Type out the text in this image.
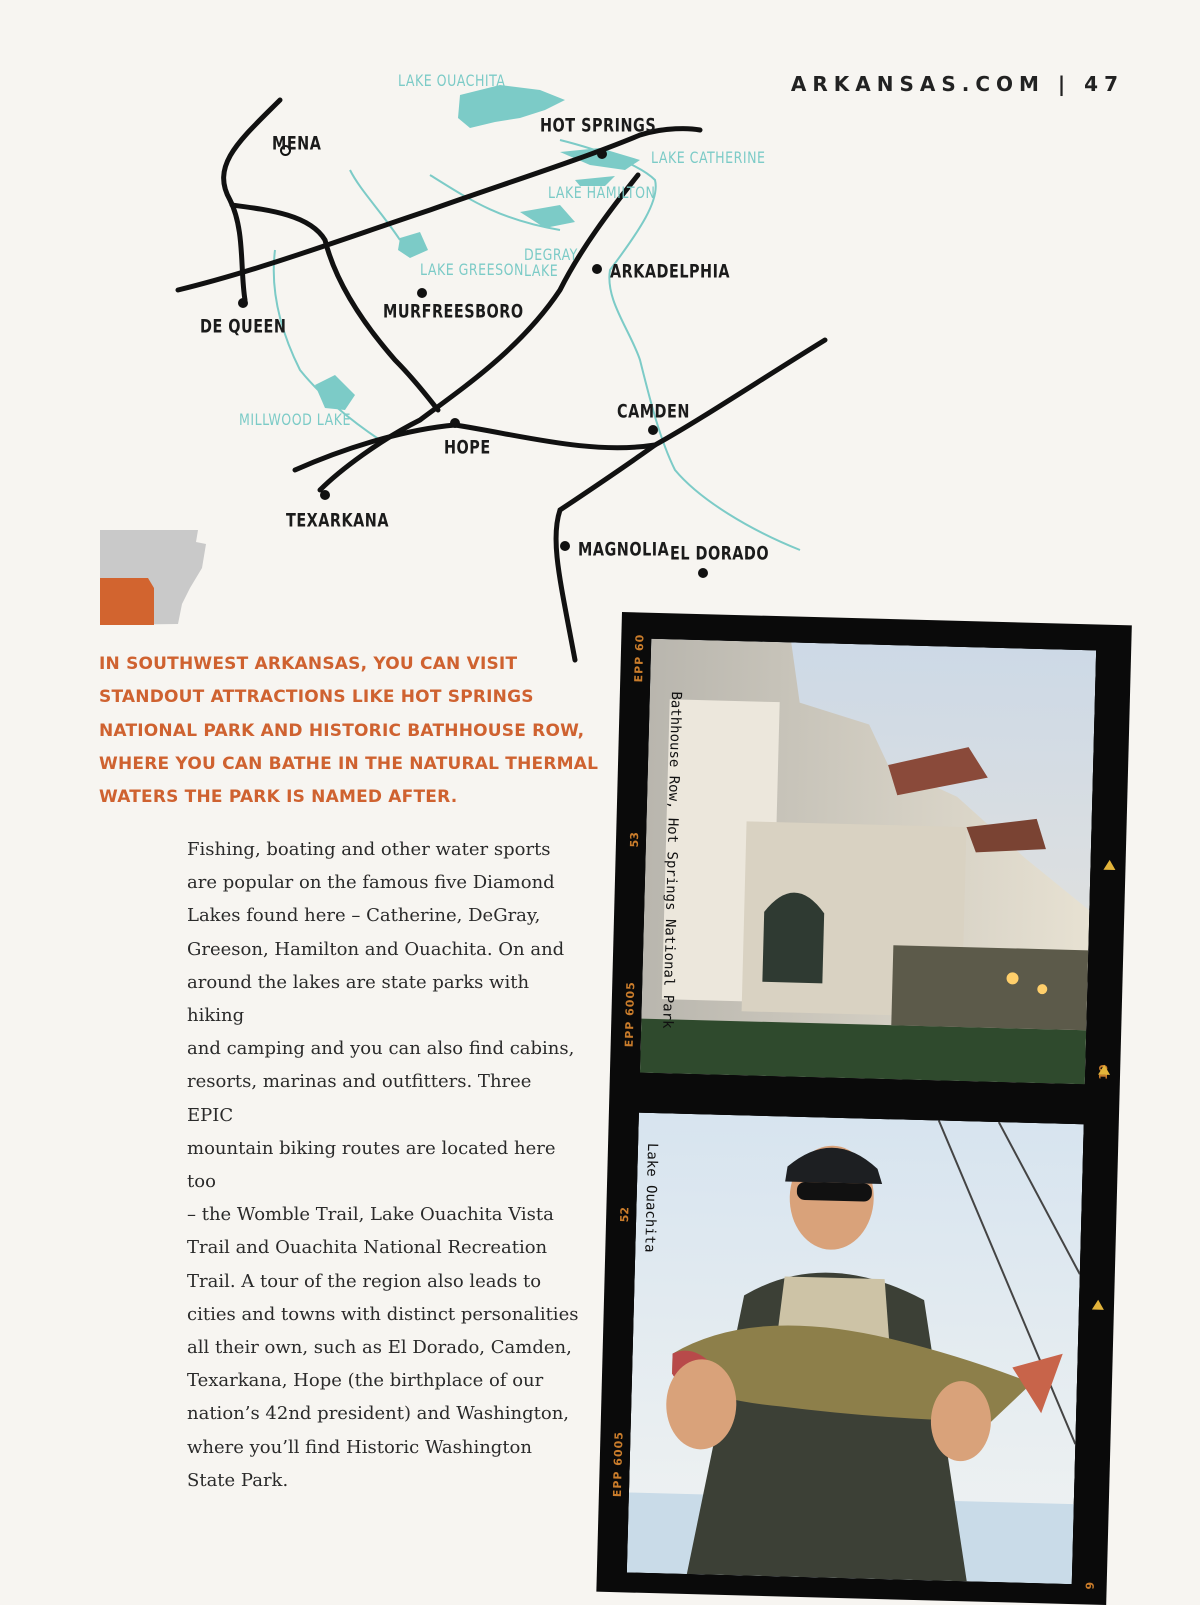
ARKANSAS.COM | 47
MENA
HOT SPRINGS
ARKADELPHIA
MURFREESBORO
DE QUEEN
CAMDEN
HOPE
TEXARKANA
MAGNOLIA EL DORADO
LAKE OUACHITA
LAKE CATHERINE
LAKE HAMILTON
LAKE GREESON
DEGRAY
LAKE
MILLWOOD LAKE
IN SOUTHWEST ARKANSAS, YOU CAN VISIT STANDOUT ATTRACTIONS LIKE HOT SPRINGS NATIONAL PARK AND HISTORIC BATHHOUSE ROW, WHERE YOU CAN BATHE IN THE NATURAL THERMAL WATERS THE PARK IS NAMED AFTER.
Fishing, boating and other water sports
are popular on the famous five Diamond
Lakes found here – Catherine, DeGray,
Greeson, Hamilton and Ouachita. On and
around the lakes are state parks with hiking
and camping and you can also find cabins,
resorts, marinas and outfitters. Three EPIC
mountain biking routes are located here too
– the Womble Trail, Lake Ouachita Vista
Trail and Ouachita National Recreation
Trail. A tour of the region also leads to
cities and towns with distinct personalities
all their own, such as El Dorado, Camden,
Texarkana, Hope (the birthplace of our
nation’s 42nd president) and Washington,
where you’ll find Historic Washington
State Park.
EPP 60
53
EPP 6005
52
EPP 6005
10
9
Bathhouse Row, Hot Springs National Park
Lake Ouachita
